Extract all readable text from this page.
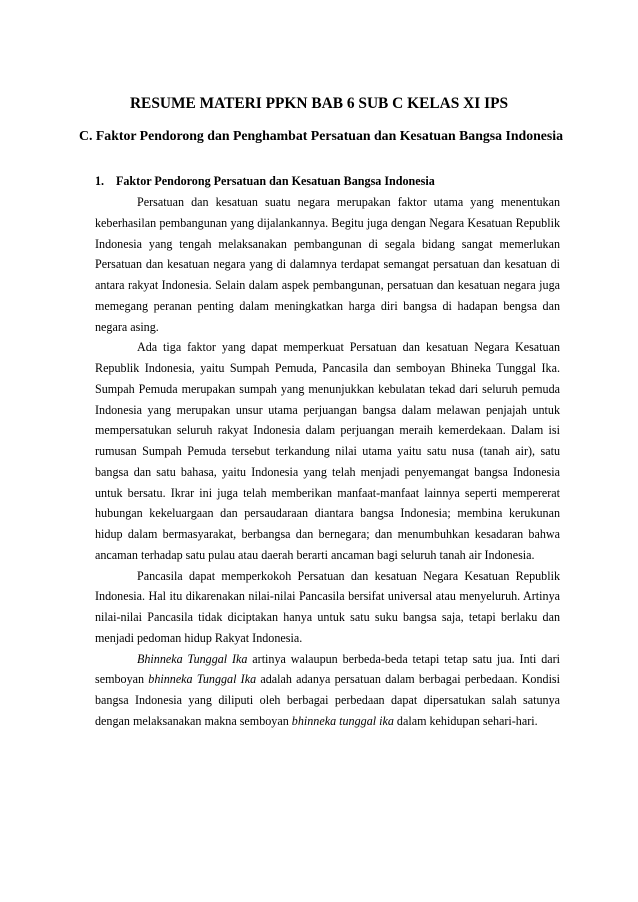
RESUME MATERI PPKN BAB 6 SUB C KELAS XI IPS
C. Faktor Pendorong dan Penghambat Persatuan dan Kesatuan Bangsa Indonesia
1. Faktor Pendorong Persatuan dan Kesatuan Bangsa Indonesia

Persatuan dan kesatuan suatu negara merupakan faktor utama yang menentukan keberhasilan pembangunan yang dijalankannya. Begitu juga dengan Negara Kesatuan Republik Indonesia yang tengah melaksanakan pembangunan di segala bidang sangat memerlukan Persatuan dan kesatuan negara yang di dalamnya terdapat semangat persatuan dan kesatuan di antara rakyat Indonesia. Selain dalam aspek pembangunan, persatuan dan kesatuan negara juga memegang peranan penting dalam meningkatkan harga diri bangsa di hadapan bengsa dan negara asing.

Ada tiga faktor yang dapat memperkuat Persatuan dan kesatuan Negara Kesatuan Republik Indonesia, yaitu Sumpah Pemuda, Pancasila dan semboyan Bhineka Tunggal Ika. Sumpah Pemuda merupakan sumpah yang menunjukkan kebulatan tekad dari seluruh pemuda Indonesia yang merupakan unsur utama perjuangan bangsa dalam melawan penjajah untuk mempersatukan seluruh rakyat Indonesia dalam perjuangan meraih kemerdekaan. Dalam isi rumusan Sumpah Pemuda tersebut terkandung nilai utama yaitu satu nusa (tanah air), satu bangsa dan satu bahasa, yaitu Indonesia yang telah menjadi penyemangat bangsa Indonesia untuk bersatu. Ikrar ini juga telah memberikan manfaat-manfaat lainnya seperti mempererat hubungan kekeluargaan dan persaudaraan diantara bangsa Indonesia; membina kerukunan hidup dalam bermasyarakat, berbangsa dan bernegara; dan menumbuhkan kesadaran bahwa ancaman terhadap satu pulau atau daerah berarti ancaman bagi seluruh tanah air Indonesia.

Pancasila dapat memperkokoh Persatuan dan kesatuan Negara Kesatuan Republik Indonesia. Hal itu dikarenakan nilai-nilai Pancasila bersifat universal atau menyeluruh. Artinya nilai-nilai Pancasila tidak diciptakan hanya untuk satu suku bangsa saja, tetapi berlaku dan menjadi pedoman hidup Rakyat Indonesia.

Bhinneka Tunggal Ika artinya walaupun berbeda-beda tetapi tetap satu jua. Inti dari semboyan bhinneka Tunggal Ika adalah adanya persatuan dalam berbagai perbedaan. Kondisi bangsa Indonesia yang diliputi oleh berbagai perbedaan dapat dipersatukan salah satunya dengan melaksanakan makna semboyan bhinneka tunggal ika dalam kehidupan sehari-hari.
